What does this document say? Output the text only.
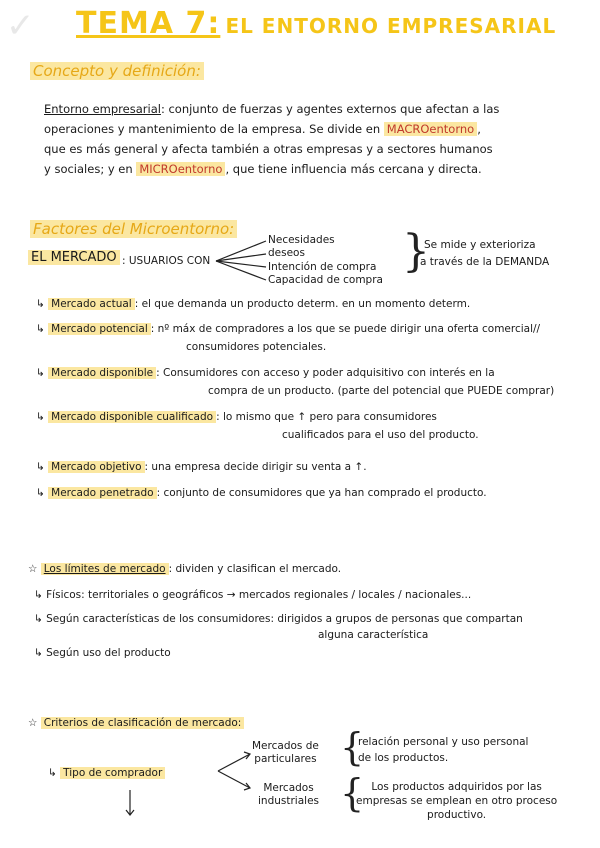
✓ TEMA 7: EL ENTORNO EMPRESARIAL
Concepto y definición:
Entorno empresarial: conjunto de fuerzas y agentes externos que afectan a las
operaciones y mantenimiento de la empresa. Se divide en MACROentorno ,
que es más general y afecta también a otras empresas y a sectores humanos
y sociales; y en MICROentorno , que tiene influencia más cercana y directa.
Factores del Microentorno:
EL MERCADO : USUARIOS CON
Necesidades
deseos
Intención de compra
Capacidad de compra
}
Se mide y exterioriza
a través de la DEMANDA
↳ Mercado actual : el que demanda un producto determ. en un momento determ.
↳ Mercado potencial : nº máx de compradores a los que se puede dirigir una oferta comercial//
consumidores potenciales.
↳ Mercado disponible : Consumidores con acceso y poder adquisitivo con interés en la
compra de un producto. (parte del potencial que PUEDE comprar)
↳ Mercado disponible cualificado : lo mismo que ↑ pero para consumidores
cualificados para el uso del producto.
↳ Mercado objetivo : una empresa decide dirigir su venta a ↑.
↳ Mercado penetrado : conjunto de consumidores que ya han comprado el producto.
☆ Los límites de mercado : dividen y clasifican el mercado.
↳ Físicos: territoriales o geográficos → mercados regionales / locales / nacionales...
↳ Según características de los consumidores: dirigidos a grupos de personas que compartan
alguna característica
↳ Según uso del producto
☆ Criterios de clasificación de mercado:
↳ Tipo de comprador
Mercados de
particulares {
relación personal y uso personal
de los productos.
Mercados
industriales { Los productos adquiridos por las
empresas se emplean en otro proceso
productivo.
